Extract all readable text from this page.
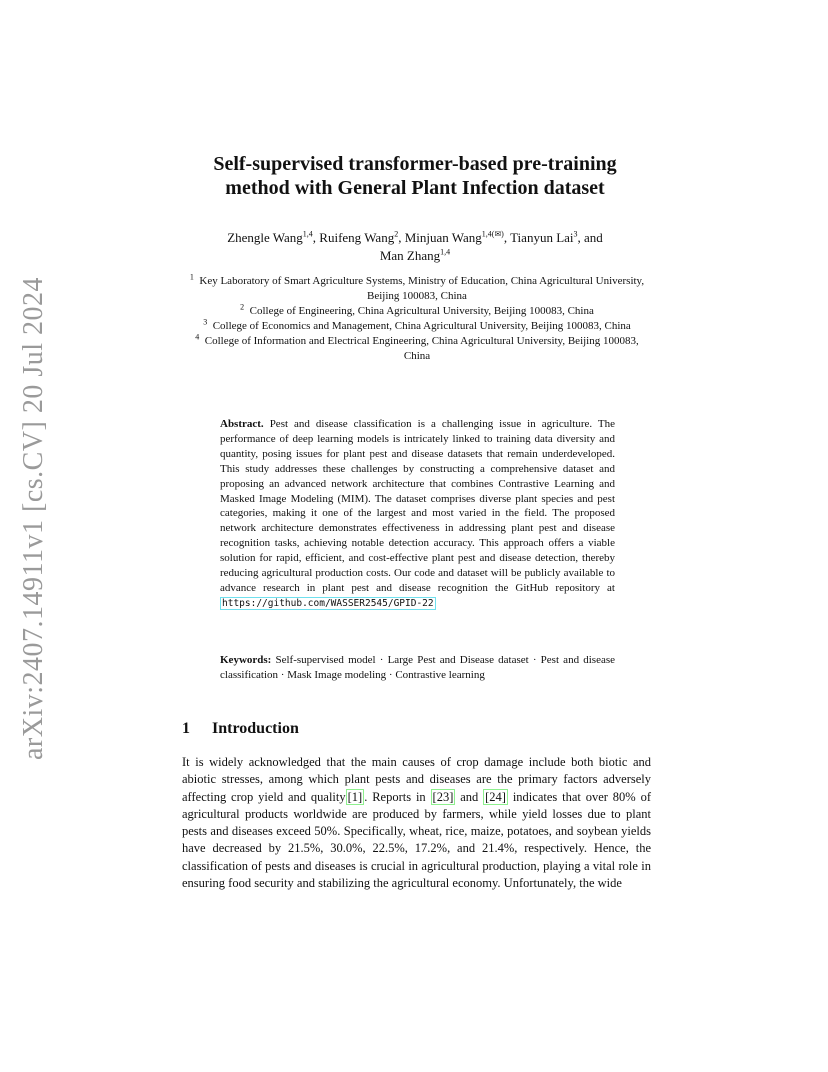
arXiv:2407.14911v1 [cs.CV] 20 Jul 2024
Self-supervised transformer-based pre-training
method with General Plant Infection dataset
Zhengle Wang$^{1,4}$, Ruifeng Wang$^2$, Minjuan Wang$^{1,4(✉)}$, Tianyun Lai$^3$, and
Man Zhang$^{1,4}$

$^1$ Key Laboratory of Smart Agriculture Systems, Ministry of Education, China Agricultural University, Beijing 100083, China

$^2$ College of Engineering, China Agricultural University, Beijing 100083, China

$^3$ College of Economics and Management, China Agricultural University, Beijing 100083, China

$^4$ College of Information and Electrical Engineering, China Agricultural University, Beijing 100083, China

Abstract. Pest and disease classification is a challenging issue in agriculture. The performance of deep learning models is intricately linked to training data diversity and quantity, posing issues for plant pest and disease datasets that remain underdeveloped. This study addresses these challenges by constructing a comprehensive dataset and proposing an advanced network architecture that combines Contrastive Learning and Masked Image Modeling (MIM). The dataset comprises diverse plant species and pest categories, making it one of the largest and most varied in the field. The proposed network architecture demonstrates effectiveness in addressing plant pest and disease recognition tasks, achieving notable detection accuracy. This approach offers a viable solution for rapid, efficient, and cost-effective plant pest and disease detection, thereby reducing agricultural production costs. Our code and dataset will be publicly available to advance research in plant pest and disease recognition the GitHub repository at https://github.com/WASSER2545/GPID-22

Keywords: Self-supervised model · Large Pest and Disease dataset · Pest and disease classification · Mask Image modeling · Contrastive learning

1 Introduction

It is widely acknowledged that the main causes of crop damage include both biotic and abiotic stresses, among which plant pests and diseases are the primary factors adversely affecting crop yield and quality [1] . Reports in [23] and [24] indicates that over 80% of agricultural products worldwide are produced by farmers, while yield losses due to plant pests and diseases exceed 50%. Specifically, wheat, rice, maize, potatoes, and soybean yields have decreased by 21.5%, 30.0%, 22.5%, 17.2%, and 21.4%, respectively. Hence, the classification of pests and diseases is crucial in agricultural production, playing a vital role in ensuring food security and stabilizing the agricultural economy. Unfortunately, the wide
